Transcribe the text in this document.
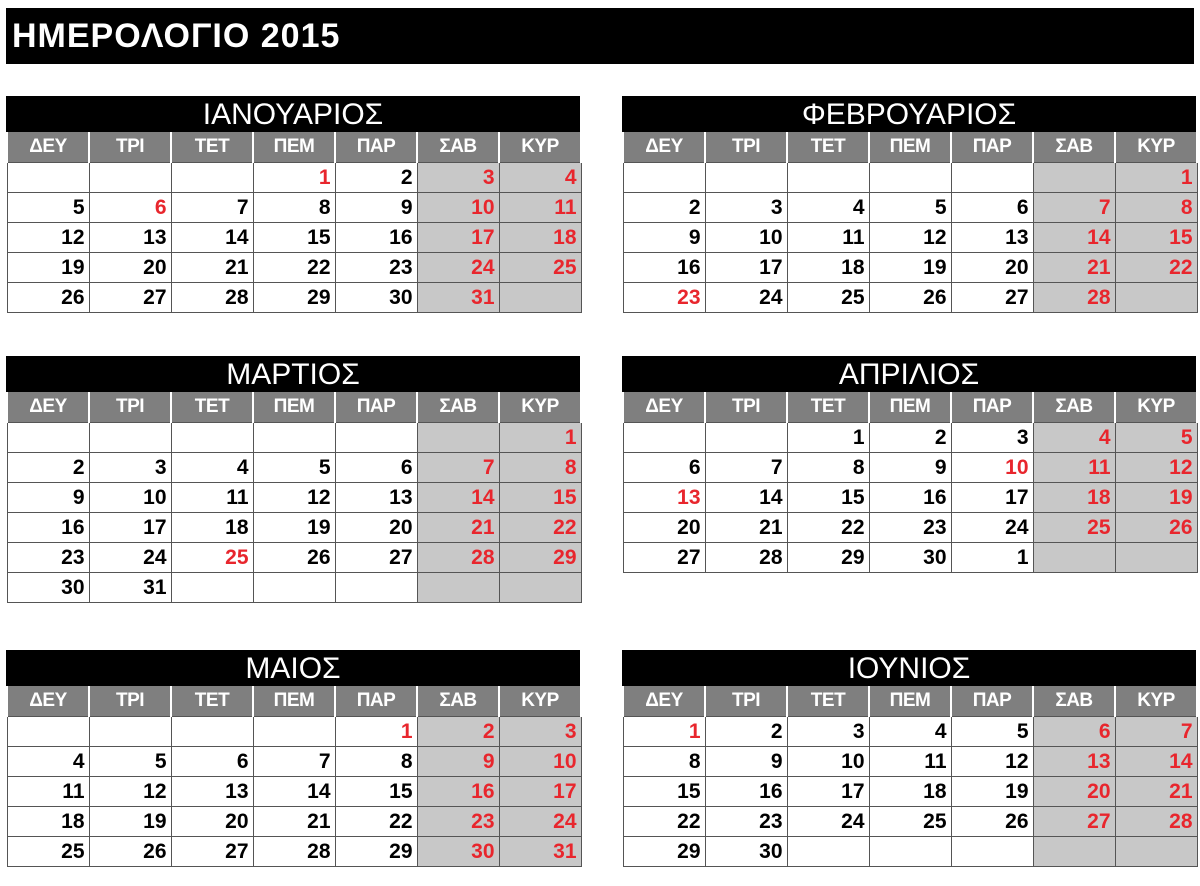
ΗΜΕΡΟΛΟΓΙΟ 2015
ΙΑΝΟΥΑΡΙΟΣ
ΔΕΥ	ΤΡΙ	ΤΕΤ	ΠΕΜ	ΠΑΡ	ΣΑΒ	ΚΥΡ
			1	2	3	4
5	6	7	8	9	10	11
12	13	14	15	16	17	18
19	20	21	22	23	24	25
26	27	28	29	30	31	
ΦΕΒΡΟΥΑΡΙΟΣ
ΔΕΥ	ΤΡΙ	ΤΕΤ	ΠΕΜ	ΠΑΡ	ΣΑΒ	ΚΥΡ
						1
2	3	4	5	6	7	8
9	10	11	12	13	14	15
16	17	18	19	20	21	22
23	24	25	26	27	28	
ΜΑΡΤΙΟΣ
ΔΕΥ	ΤΡΙ	ΤΕΤ	ΠΕΜ	ΠΑΡ	ΣΑΒ	ΚΥΡ
						1
2	3	4	5	6	7	8
9	10	11	12	13	14	15
16	17	18	19	20	21	22
23	24	25	26	27	28	29
30	31					
ΑΠΡΙΛΙΟΣ
ΔΕΥ	ΤΡΙ	ΤΕΤ	ΠΕΜ	ΠΑΡ	ΣΑΒ	ΚΥΡ
		1	2	3	4	5
6	7	8	9	10	11	12
13	14	15	16	17	18	19
20	21	22	23	24	25	26
27	28	29	30	1		
ΜΑΙΟΣ
ΔΕΥ	ΤΡΙ	ΤΕΤ	ΠΕΜ	ΠΑΡ	ΣΑΒ	ΚΥΡ
				1	2	3
4	5	6	7	8	9	10
11	12	13	14	15	16	17
18	19	20	21	22	23	24
25	26	27	28	29	30	31
ΙΟΥΝΙΟΣ
ΔΕΥ	ΤΡΙ	ΤΕΤ	ΠΕΜ	ΠΑΡ	ΣΑΒ	ΚΥΡ
1	2	3	4	5	6	7
8	9	10	11	12	13	14
15	16	17	18	19	20	21
22	23	24	25	26	27	28
29	30					
